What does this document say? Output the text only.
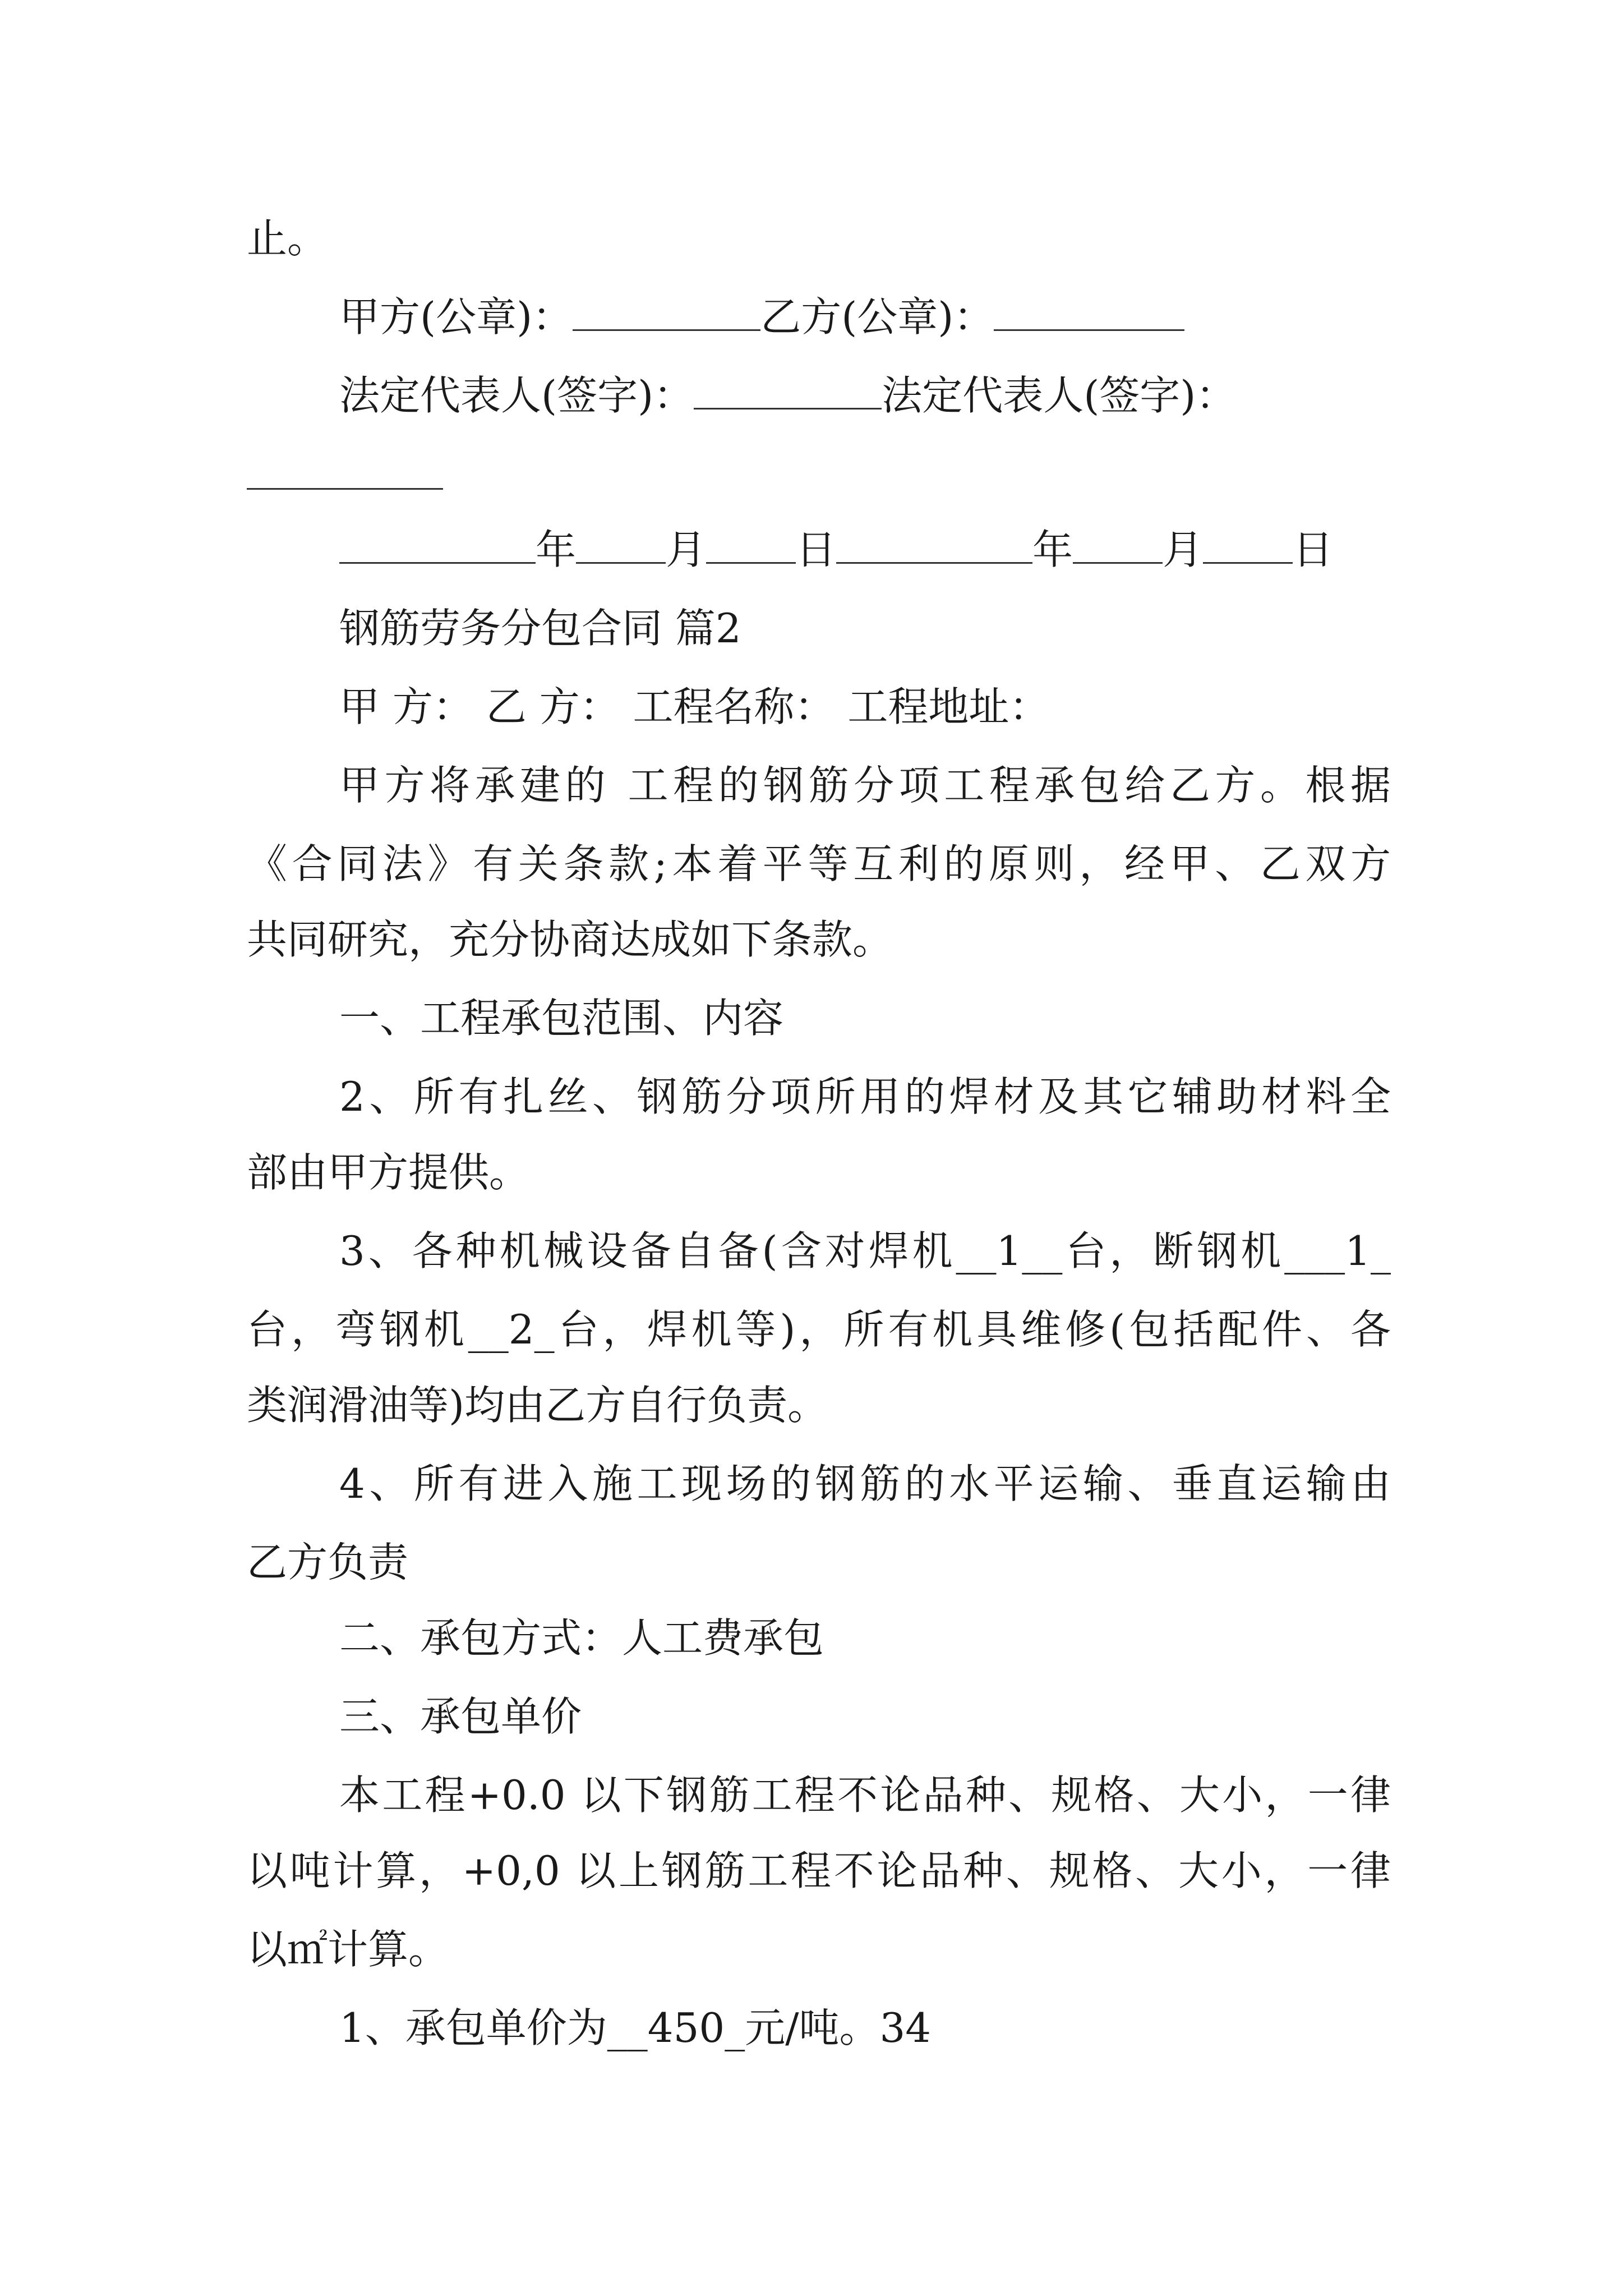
止。
甲方(公章)：	乙方(公章)：
法定代表人(签字)：	法定代表人(签字)：
年 月 日	年 月 日
钢筋劳务分包合同 篇2
甲 方： 乙 方： 工程名称： 工程地址：
甲方将承建的 工程的钢筋分项工程承包给乙方。根据
《合同法》有关条款;本着平等互利的原则，经甲、乙双方
共同研究，充分协商达成如下条款。
一、工程承包范围、内容
2、所有扎丝、钢筋分项所用的焊材及其它辅助材料全
部由甲方提供。
3、各种机械设备自备(含对焊机__1__台，断钢机___1_
台，弯钢机__2_台，焊机等)，所有机具维修(包括配件、各
类润滑油等)均由乙方自行负责。
4、所有进入施工现场的钢筋的水平运输、垂直运输由
乙方负责
二、承包方式：人工费承包
三、承包单价
本工程+0.0 以下钢筋工程不论品种、规格、大小，一律
以吨计算，+0,0 以上钢筋工程不论品种、规格、大小，一律
以㎡计算。
1、承包单价为__450_元/吨。34
